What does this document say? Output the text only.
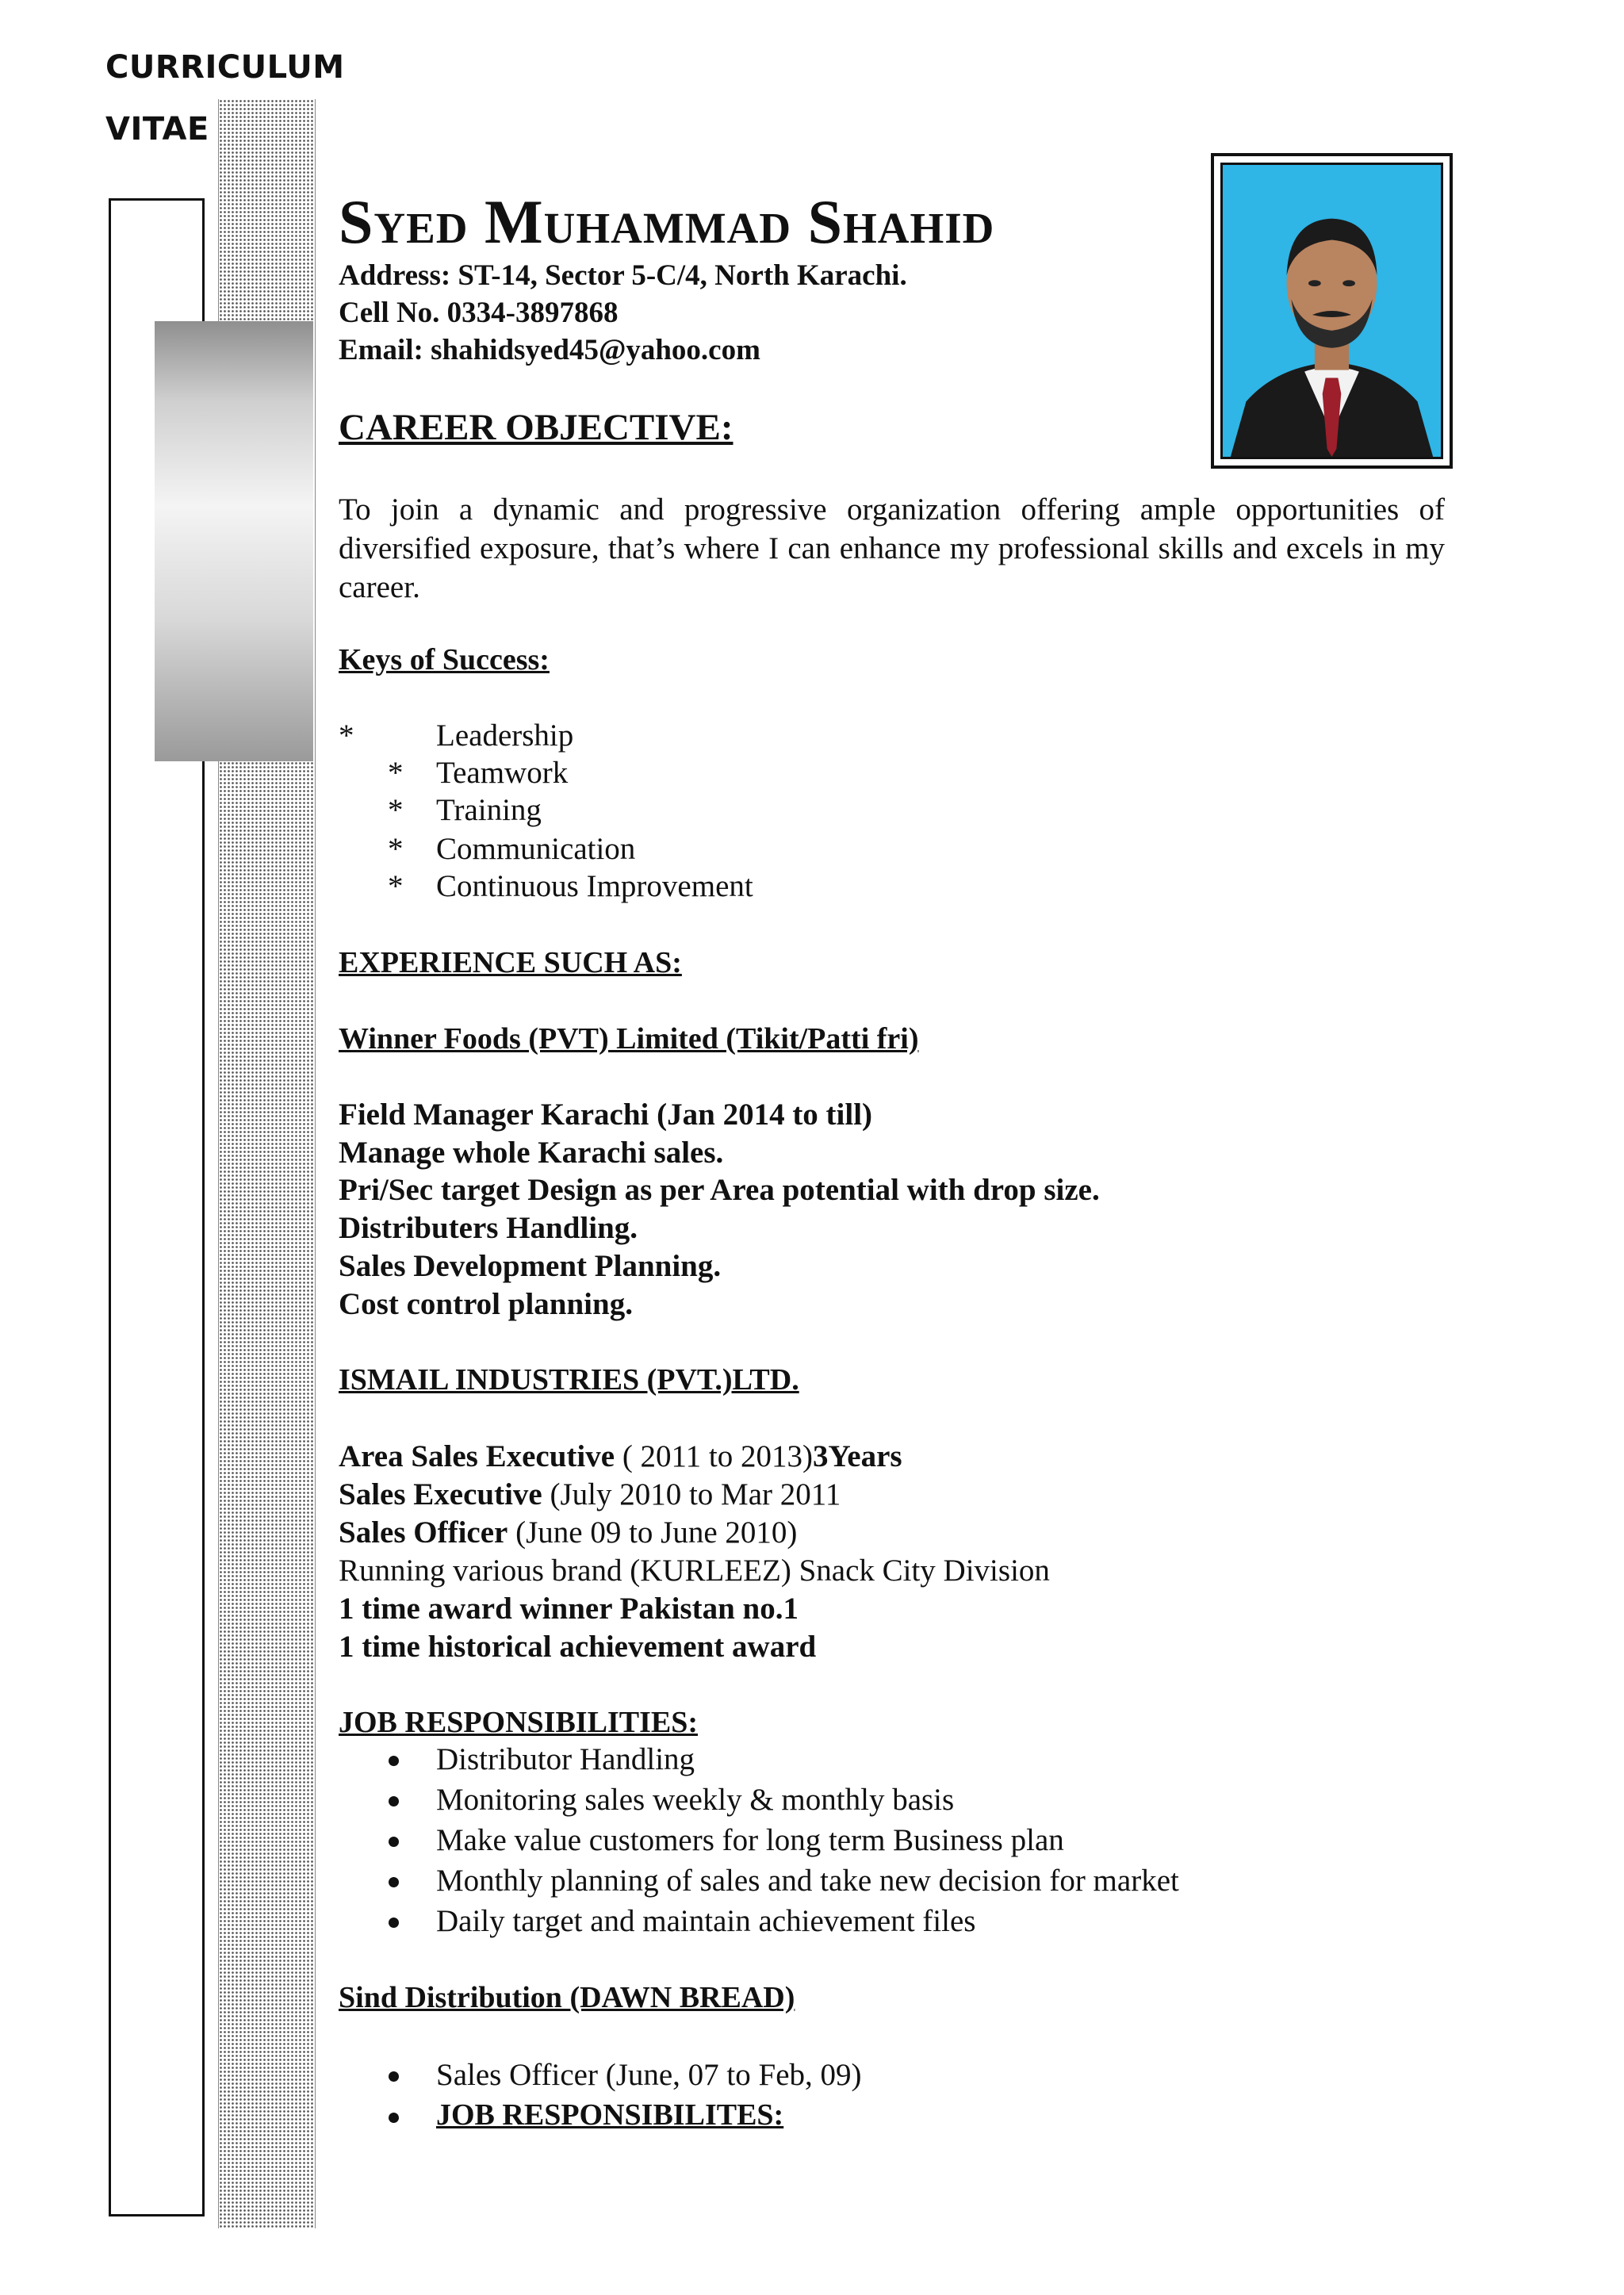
CURRICULUM
VITAE
Syed Muhammad Shahid
Address: ST-14, Sector 5-C/4, North Karachi.
Cell No. 0334-3897868
Email: shahidsyed45@yahoo.com
CAREER OBJECTIVE:
To join a dynamic and progressive organization offering ample opportunities of diversified exposure, that’s where I can enhance my professional skills and excels in my career.
Keys of Success:
*	Leadership
* Teamwork
* Training
* Communication
* Continuous Improvement
EXPERIENCE SUCH AS:
Winner Foods (PVT) Limited (Tikit/Patti fri)
Field Manager Karachi (Jan 2014 to till)
Manage whole Karachi sales.
Pri/Sec target Design as per Area potential with drop size.
Distributers Handling.
Sales Development Planning.
Cost control planning.
ISMAIL INDUSTRIES (PVT.)LTD.
Area Sales Executive ( 2011 to 2013)3Years
Sales Executive (July 2010 to Mar 2011
Sales Officer (June 09 to June 2010)
Running various brand (KURLEEZ) Snack City Division
1 time award winner Pakistan no.1
1 time historical achievement award
JOB RESPONSIBILITIES:
Distributor Handling
Monitoring sales weekly & monthly basis
Make value customers for long term Business plan
Monthly planning of sales and take new decision for market
Daily target and maintain achievement files
Sind Distribution (DAWN BREAD)
Sales Officer (June, 07 to Feb, 09)
JOB RESPONSIBILITES:
